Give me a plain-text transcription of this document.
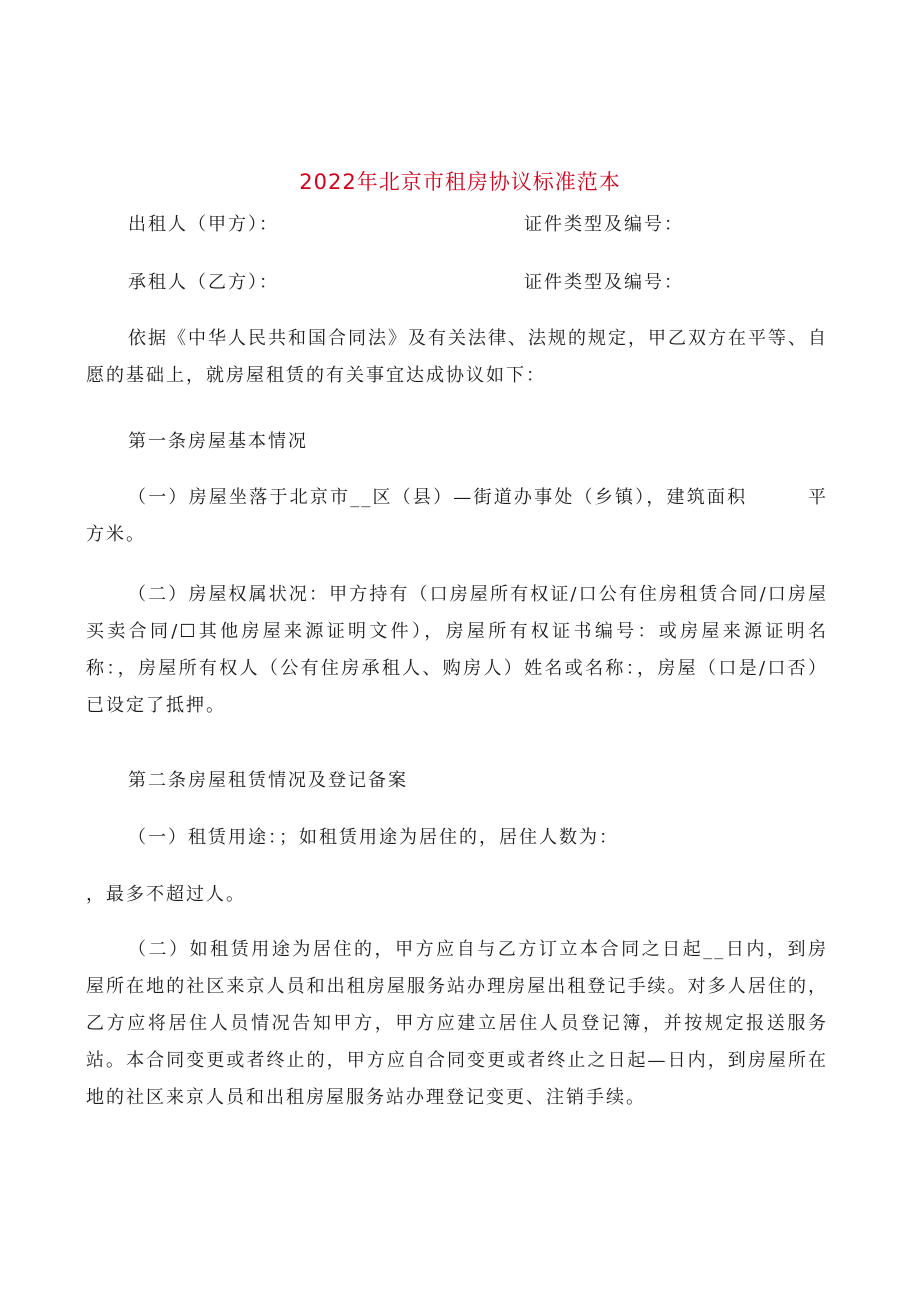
2022年北京市租房协议标准范本
出租人（甲方）：	证件类型及编号：
承租人（乙方）：	证件类型及编号：
依据《中华人民共和国合同法》及有关法律、法规的规定，甲乙双方在平等、自愿的基础上，就房屋租赁的有关事宜达成协议如下：
第一条房屋基本情况
（一）房屋坐落于北京市__区（县）—街道办事处（乡镇），建筑面积　　　平方米。
（二）房屋权属状况：甲方持有（口房屋所有权证/口公有住房租赁合同/口房屋买卖合同/☐其他房屋来源证明文件），房屋所有权证书编号：或房屋来源证明名称：，房屋所有权人（公有住房承租人、购房人）姓名或名称：，房屋（口是/口否）已设定了抵押。
第二条房屋租赁情况及登记备案
（一）租赁用途：；如租赁用途为居住的，居住人数为：
，最多不超过人。
（二）如租赁用途为居住的，甲方应自与乙方订立本合同之日起__日内，到房屋所在地的社区来京人员和出租房屋服务站办理房屋出租登记手续。对多人居住的，乙方应将居住人员情况告知甲方，甲方应建立居住人员登记簿，并按规定报送服务站。本合同变更或者终止的，甲方应自合同变更或者终止之日起—日内，到房屋所在地的社区来京人员和出租房屋服务站办理登记变更、注销手续。
